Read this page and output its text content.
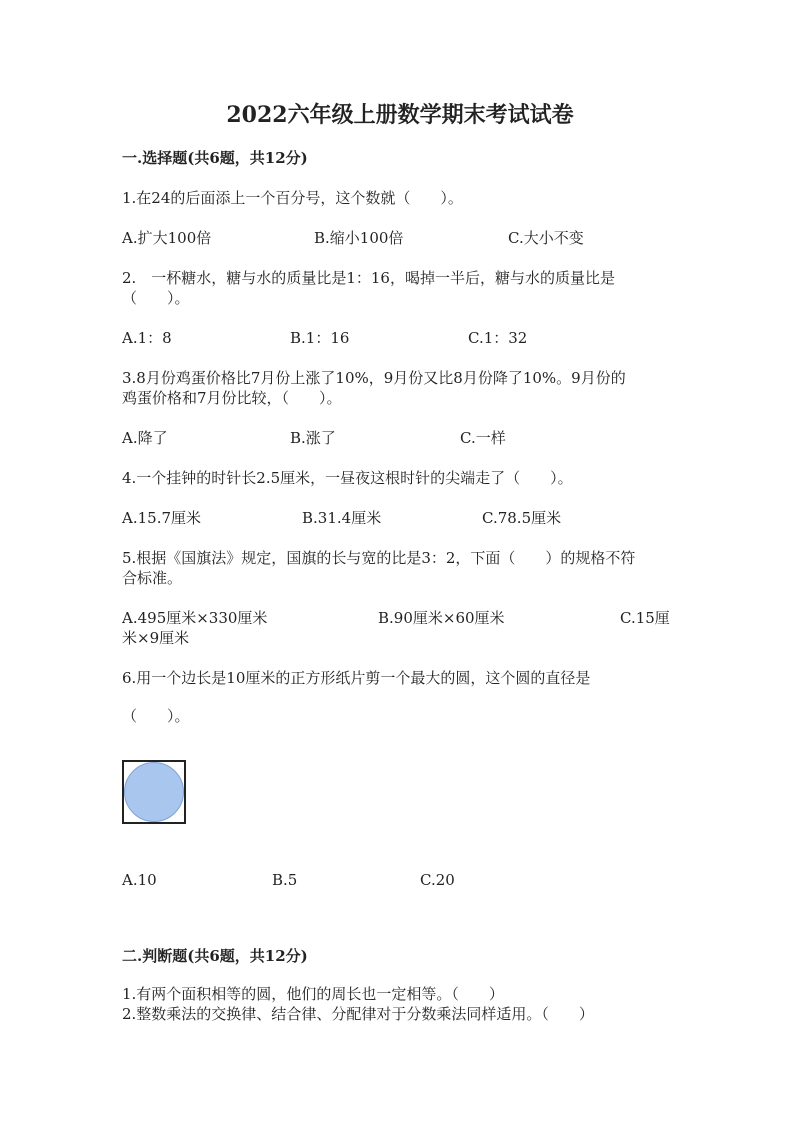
2022六年级上册数学期末考试试卷
一.选择题(共6题，共12分)
1.在24的后面添上一个百分号，这个数就（　　）。
A.扩大100倍	B.缩小100倍	C.大小不变
2.　一杯糖水，糖与水的质量比是1：16，喝掉一半后，糖与水的质量比是
（　　）。
A.1：8	B.1：16	C.1：32
3.8月份鸡蛋价格比7月份上涨了10%，9月份又比8月份降了10%。9月份的
鸡蛋价格和7月份比较，（　　）。
A.降了	B.涨了	C.一样
4.一个挂钟的时针长2.5厘米，一昼夜这根时针的尖端走了（　　）。
A.15.7厘米	B.31.4厘米	C.78.5厘米
5.根据《国旗法》规定，国旗的长与宽的比是3：2，下面（　　）的规格不符
合标准。
A.495厘米×330厘米	B.90厘米×60厘米	C.15厘
米×9厘米
6.用一个边长是10厘米的正方形纸片剪一个最大的圆，这个圆的直径是
（　　）。
A.10	B.5	C.20
二.判断题(共6题，共12分)
1.有两个面积相等的圆，他们的周长也一定相等。（　　）
2.整数乘法的交换律、结合律、分配律对于分数乘法同样适用。（　　）
